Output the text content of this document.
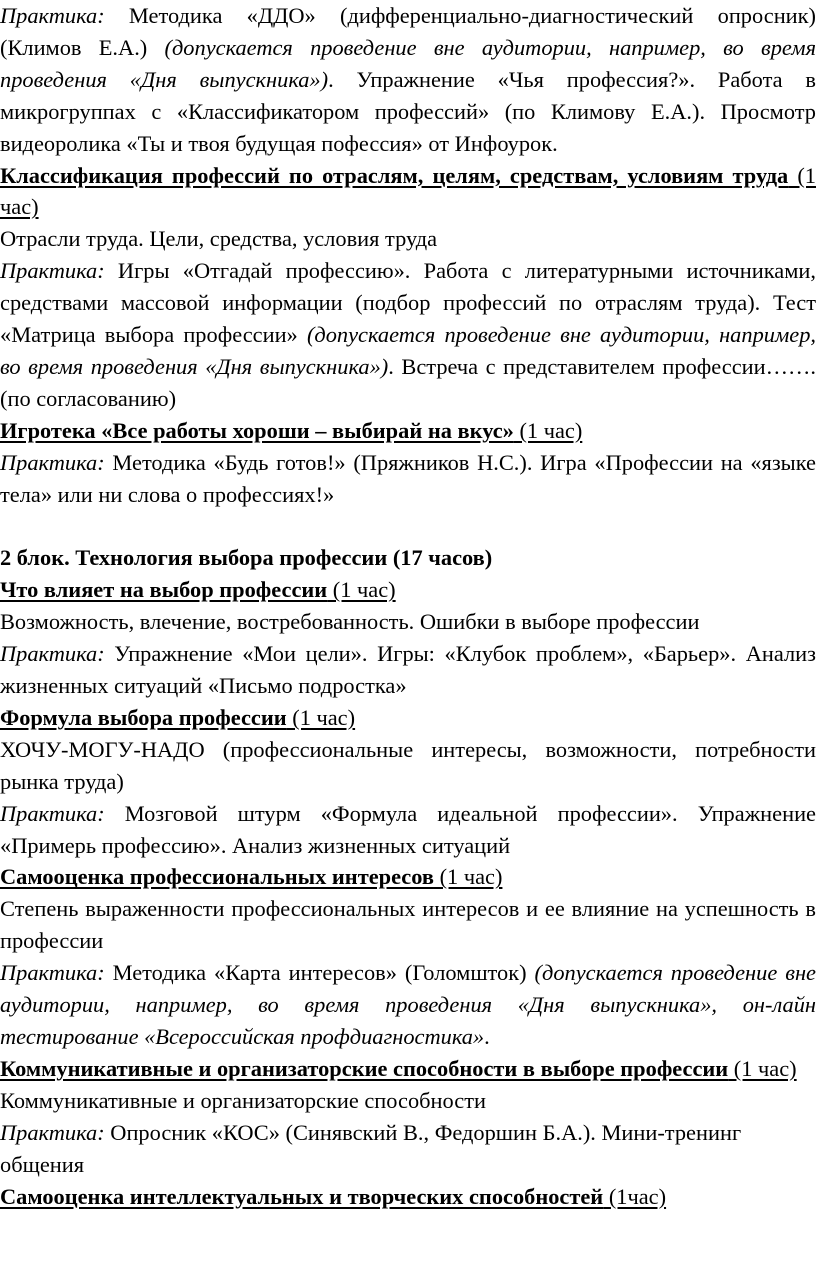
Практика: Методика «ДДО» (дифференциально-диагностический опросник) (Климов Е.А.) (допускается проведение вне аудитории, например, во время проведения «Дня выпускника»). Упражнение «Чья профессия?». Работа в микрогруппах с «Классификатором профессий» (по Климову Е.А.). Просмотр видеоролика «Ты и твоя будущая пофессия» от Инфоурок.

Классификация профессий по отраслям, целям, средствам, условиям труда (1 час)

Отрасли труда. Цели, средства, условия труда

Практика: Игры «Отгадай профессию». Работа с литературными источниками, средствами массовой информации (подбор профессий по отраслям труда). Тест «Матрица выбора профессии» (допускается проведение вне аудитории, например, во время проведения «Дня выпускника»). Встреча с представителем профессии……. (по согласованию)

Игротека «Все работы хороши – выбирай на вкус» (1 час)

Практика: Методика «Будь готов!» (Пряжников Н.С.). Игра «Профессии на «языке тела» или ни слова о профессиях!»

2 блок. Технология выбора профессии (17 часов)

Что влияет на выбор профессии (1 час)

Возможность, влечение, востребованность. Ошибки в выборе профессии

Практика: Упражнение «Мои цели». Игры: «Клубок проблем», «Барьер». Анализ жизненных ситуаций «Письмо подростка»

Формула выбора профессии (1 час)

ХОЧУ-МОГУ-НАДО (профессиональные интересы, возможности, потребности рынка труда)

Практика: Мозговой штурм «Формула идеальной профессии». Упражнение «Примерь профессию». Анализ жизненных ситуаций

Самооценка профессиональных интересов (1 час)

Степень выраженности профессиональных интересов и ее влияние на успешность в профессии

Практика: Методика «Карта интересов» (Голомшток) (допускается проведение вне аудитории, например, во время проведения «Дня выпускника», он-лайн тестирование «Всероссийская профдиагностика».

Коммуникативные и организаторские способности в выборе профессии (1 час)

Коммуникативные и организаторские способности

Практика: Опросник «КОС» (Синявский В., Федоршин Б.А.). Мини-тренинг общения

Самооценка интеллектуальных и творческих способностей (1час)
